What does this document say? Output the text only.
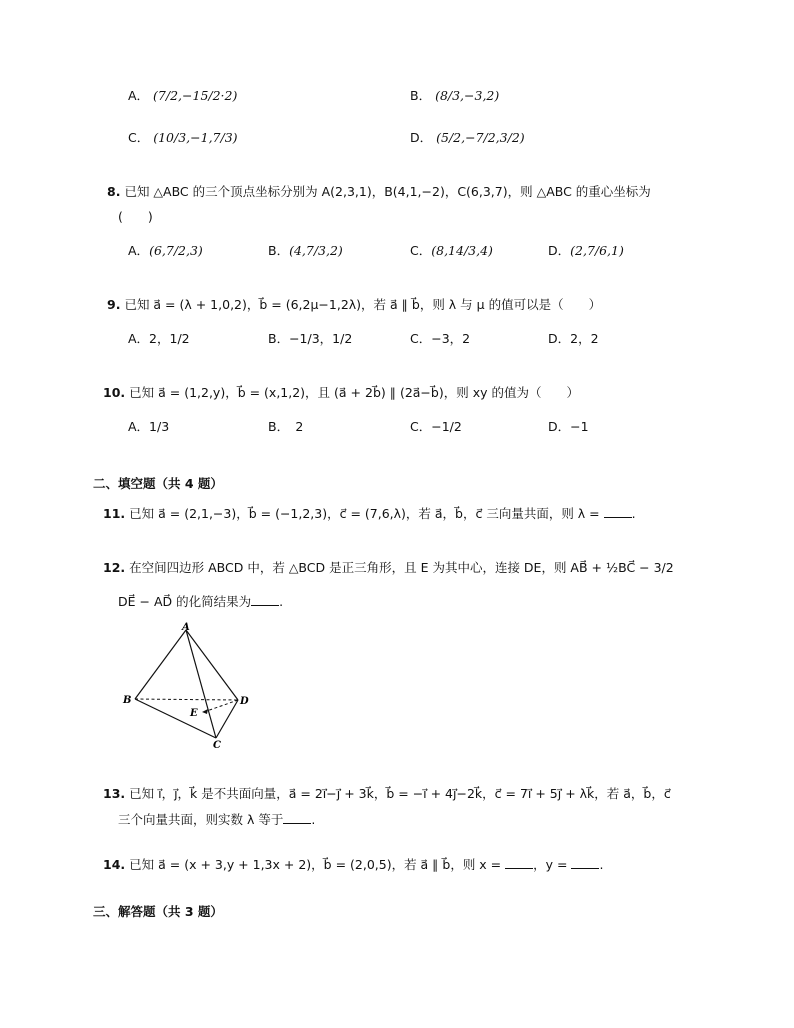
A． (7/2,−15/2·2)	B． (8/3,−3,2)
C． (10/3,−1,7/3)	D． (5/2,−7/2,3/2)
8. 已知 △ABC 的三个顶点坐标分别为 A(2,3,1)，B(4,1,−2)，C(6,3,7)，则 △ABC 的重心坐标为
(　　)
A．(6,7/2,3)	B．(4,7/3,2)	C．(8,14/3,4)	D．(2,7/6,1)
9. 已知 a⃗ = (λ + 1,0,2)，b⃗ = (6,2μ−1,2λ)，若 a⃗ ∥ b⃗，则 λ 与 μ 的值可以是（　　）
A．2，1/2	B．−1/3，1/2	C．−3，2	D．2，2
10. 已知 a⃗ = (1,2,y)，b⃗ = (x,1,2)，且 (a⃗ + 2b⃗) ∥ (2a⃗−b⃗)，则 xy 的值为（　　）
A．1/3	B．　2	C．−1/2	D．−1
二、填空题（共 4 题）
11. 已知 a⃗ = (2,1,−3)，b⃗ = (−1,2,3)，c⃗ = (7,6,λ)，若 a⃗，b⃗，c⃗ 三向量共面，则 λ = .
12. 在空间四边形 ABCD 中，若 △BCD 是正三角形，且 E 为其中心，连接 DE，则 AB⃗ + ½BC⃗ − 3/2
DE⃗ − AD⃗ 的化简结果为 .
A
B
C
D
E
13. 已知 i⃗，j⃗，k⃗ 是不共面向量，a⃗ = 2i⃗−j⃗ + 3k⃗，b⃗ = −i⃗ + 4j⃗−2k⃗，c⃗ = 7i⃗ + 5j⃗ + λk⃗，若 a⃗，b⃗，c⃗
三个向量共面，则实数 λ 等于 .
14. 已知 a⃗ = (x + 3,y + 1,3x + 2)，b⃗ = (2,0,5)，若 a⃗ ∥ b⃗，则 x = ，y = .
三、解答题（共 3 题）
